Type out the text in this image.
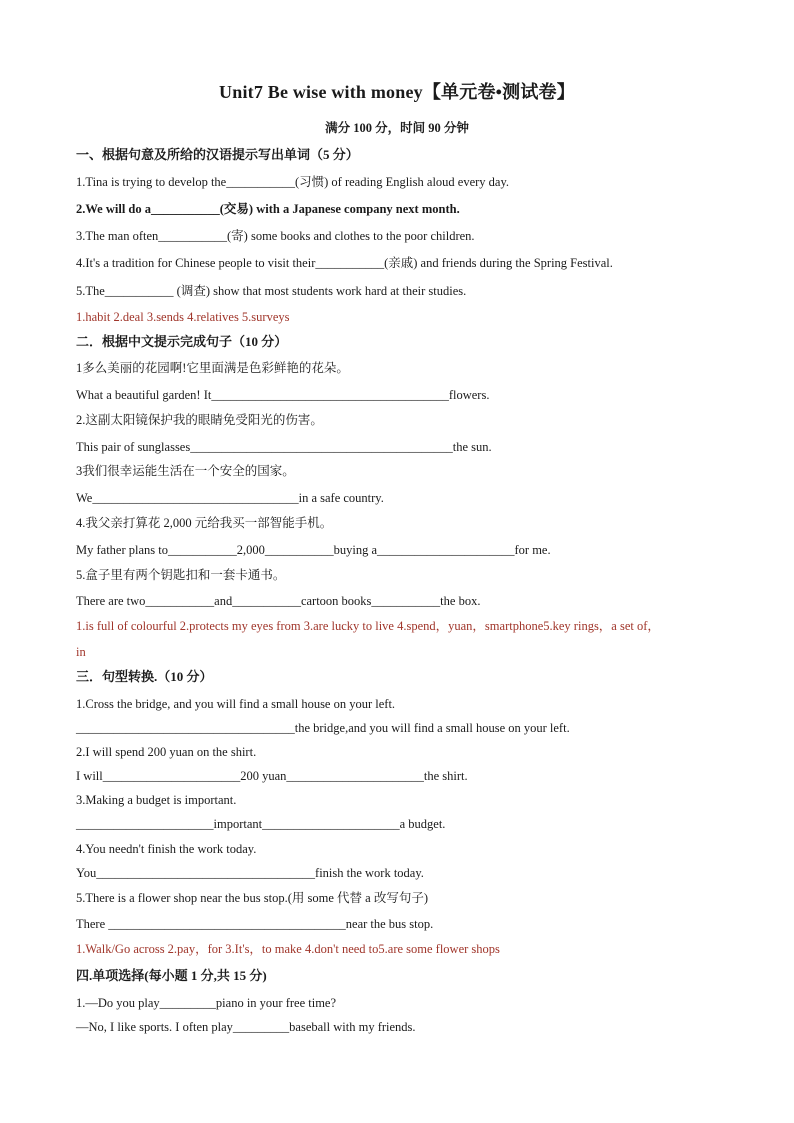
Unit7 Be wise with money【单元卷•测试卷】
满分 100 分，时间 90 分钟
一、根据句意及所给的汉语提示写出单词（5 分）
1.Tina is trying to develop the___________(习惯) of reading English aloud every day.
2.We will do a___________(交易) with a Japanese company next month.
3.The man often___________(寄) some books and clothes to the poor children.
4.It's a tradition for Chinese people to visit their___________(亲戚) and friends during the Spring Festival.
5.The___________ (调查) show that most students work hard at their studies.
1.habit 2.deal 3.sends 4.relatives 5.surveys
二．根据中文提示完成句子（10 分）
1多么美丽的花园啊!它里面满是色彩鲜艳的花朵。
What a beautiful garden! It______________________________________flowers.
2.这副太阳镜保护我的眼睛免受阳光的伤害。
This pair of sunglasses__________________________________________the sun.
3我们很幸运能生活在一个安全的国家。
We_________________________________in a safe country.
4.我父亲打算花 2,000 元给我买一部智能手机。
My father plans to___________2,000___________buying a______________________for me.
5.盒子里有两个钥匙扣和一套卡通书。
There are two___________and___________cartoon books___________the box.
1.is full of colourful 2.protects my eyes from 3.are lucky to live 4.spend，yuan，smartphone5.key rings，a set of，
in
三．句型转换.（10 分）
1.Cross the bridge, and you will find a small house on your left.
___________________________________the bridge,and you will find a small house on your left.
2.I will spend 200 yuan on the shirt.
I will______________________200 yuan______________________the shirt.
3.Making a budget is important.
______________________important______________________a budget.
4.You needn't finish the work today.
You___________________________________finish the work today.
5.There is a flower shop near the bus stop.(用 some 代替 a 改写句子)
There ______________________________________near the bus stop.
1.Walk/Go across 2.pay，for 3.It's，to make 4.don't need to5.are some flower shops
四.单项选择(每小题 1 分,共 15 分)
1.—Do you play_________piano in your free time?
—No, I like sports. I often play_________baseball with my friends.
